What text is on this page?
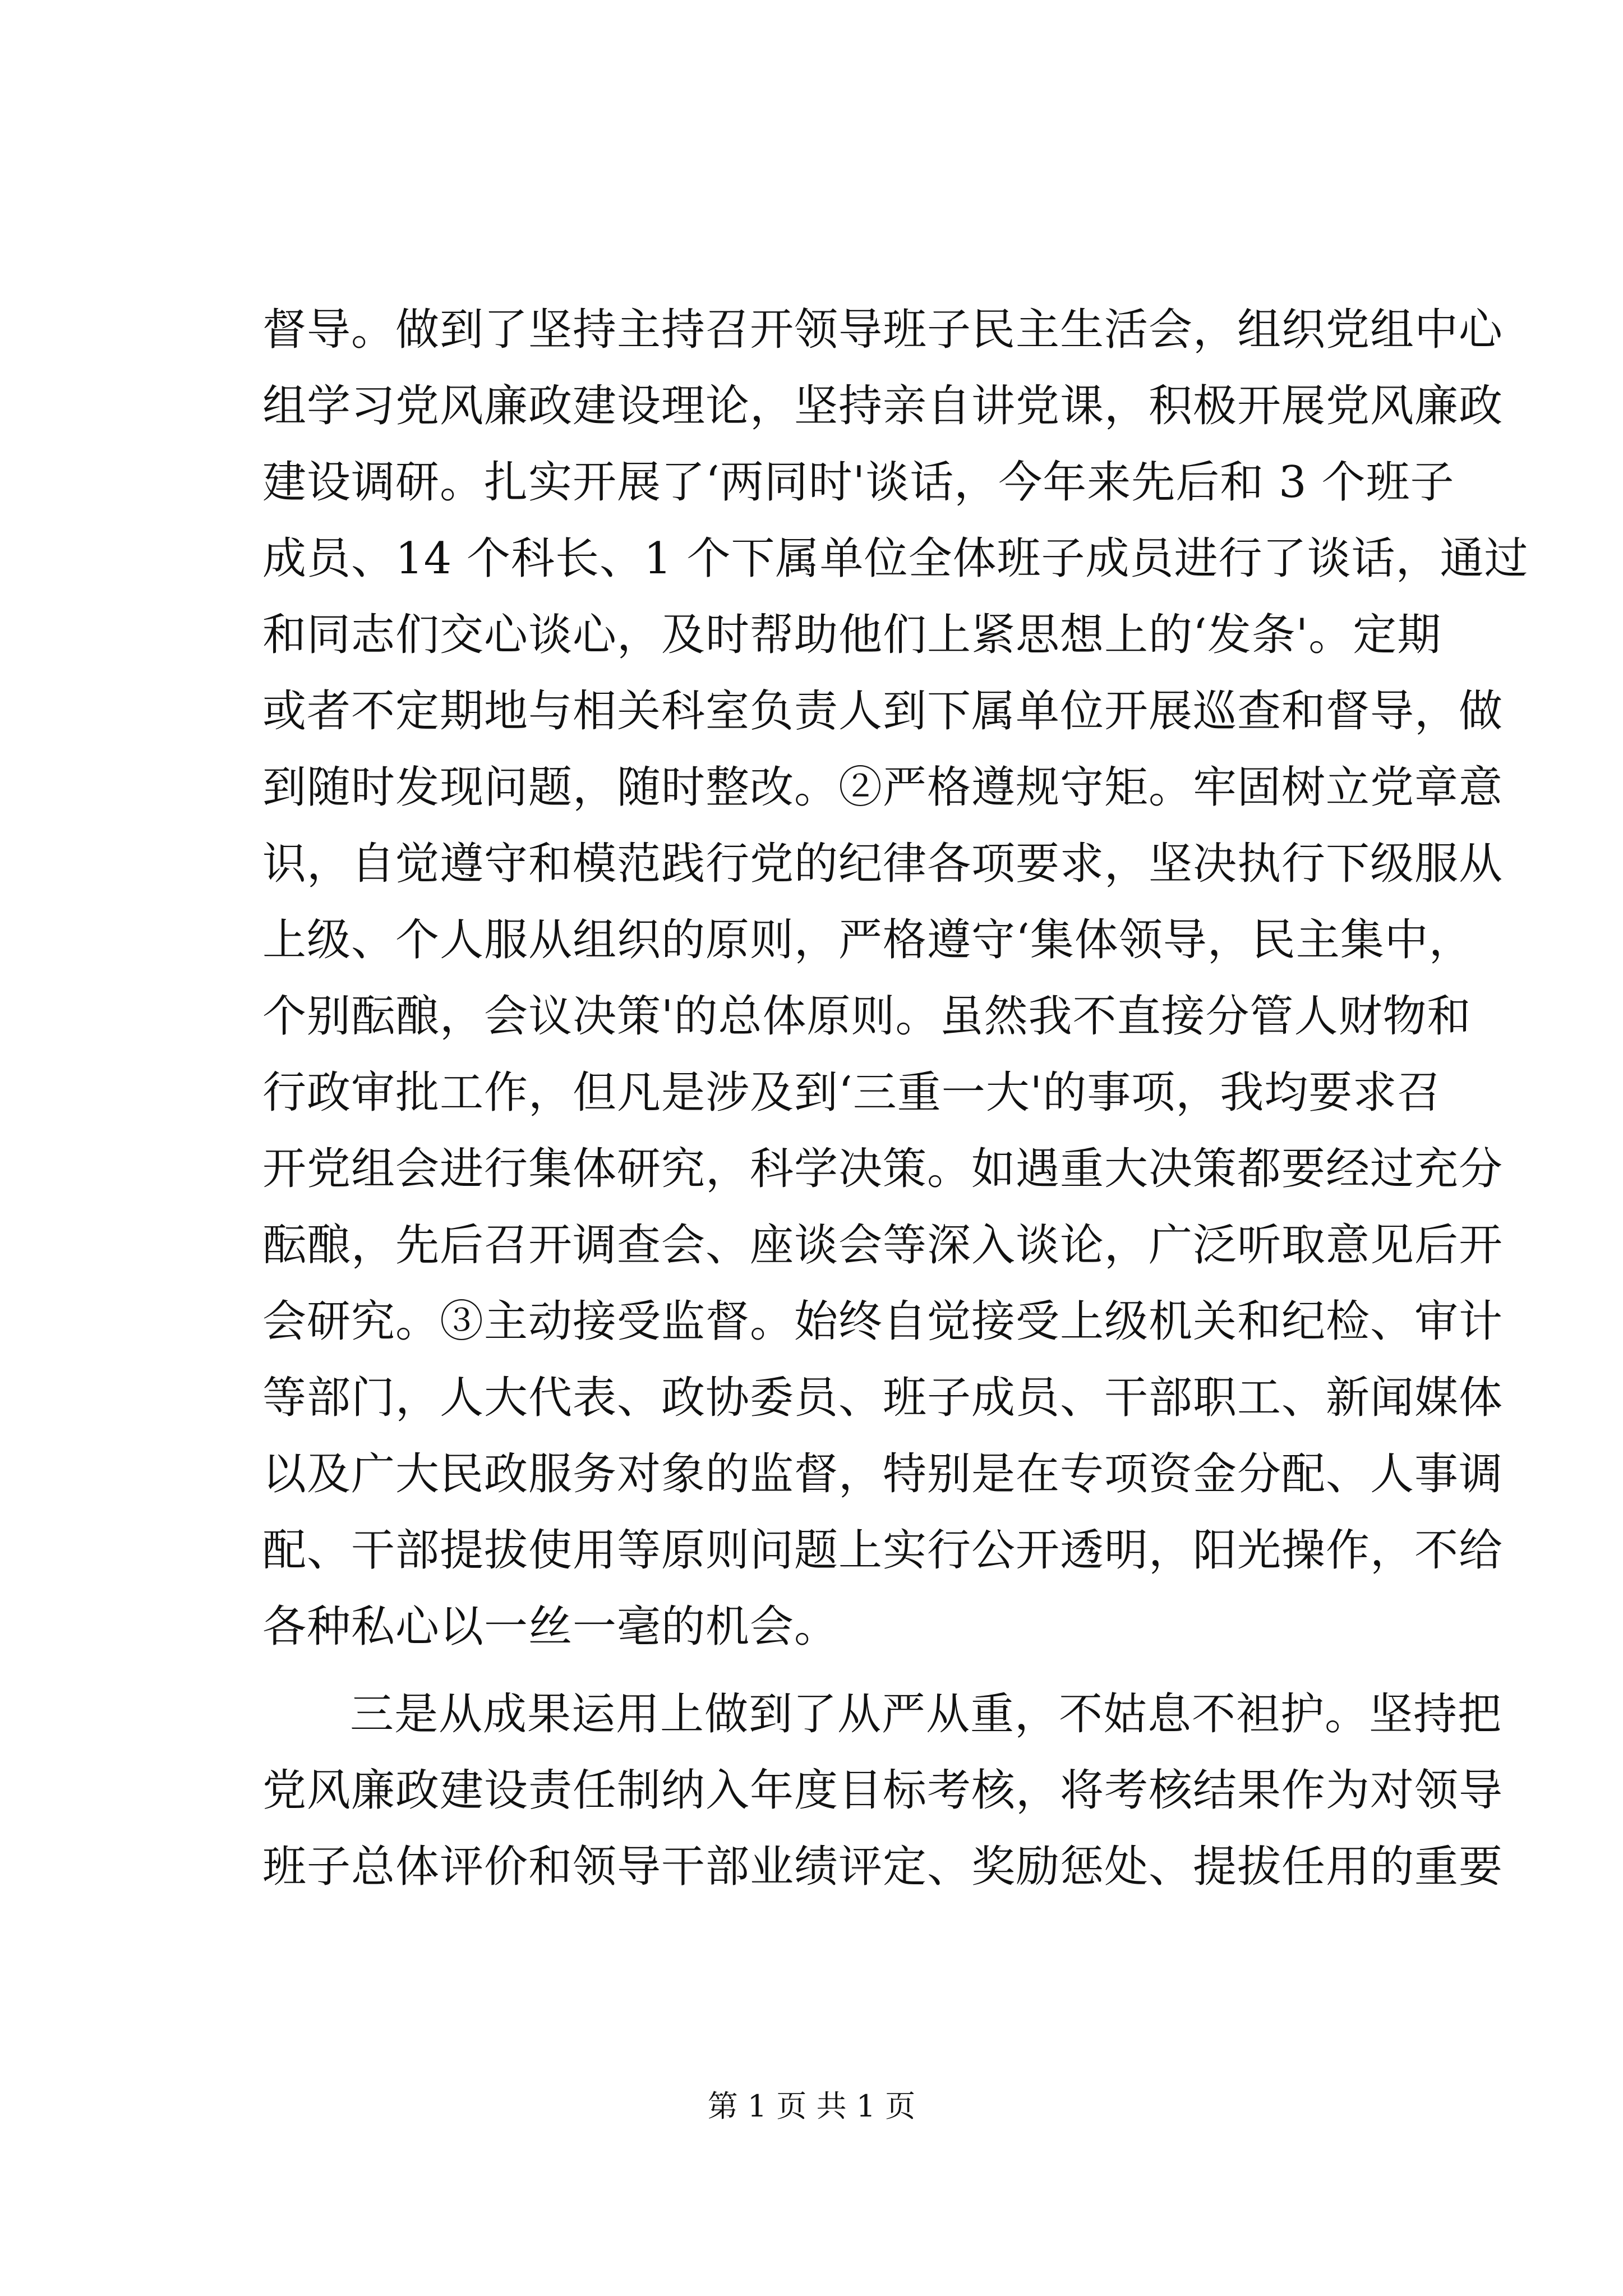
督导。做到了坚持主持召开领导班子民主生活会，组织党组中心
组学习党风廉政建设理论，坚持亲自讲党课，积极开展党风廉政
建设调研。扎实开展了‘两同时'谈话，今年来先后和 3 个班子
成员、14 个科长、1 个下属单位全体班子成员进行了谈话，通过
和同志们交心谈心，及时帮助他们上紧思想上的‘发条'。定期
或者不定期地与相关科室负责人到下属单位开展巡查和督导，做
到随时发现问题，随时整改。②严格遵规守矩。牢固树立党章意
识，自觉遵守和模范践行党的纪律各项要求，坚决执行下级服从
上级、个人服从组织的原则，严格遵守‘集体领导，民主集中，
个别酝酿，会议决策'的总体原则。虽然我不直接分管人财物和
行政审批工作，但凡是涉及到‘三重一大'的事项，我均要求召
开党组会进行集体研究，科学决策。如遇重大决策都要经过充分
酝酿，先后召开调查会、座谈会等深入谈论，广泛听取意见后开
会研究。③主动接受监督。始终自觉接受上级机关和纪检、审计
等部门，人大代表、政协委员、班子成员、干部职工、新闻媒体
以及广大民政服务对象的监督，特别是在专项资金分配、人事调
配、干部提拔使用等原则问题上实行公开透明，阳光操作，不给
各种私心以一丝一毫的机会。
三是从成果运用上做到了从严从重，不姑息不袒护。坚持把
党风廉政建设责任制纳入年度目标考核，将考核结果作为对领导
班子总体评价和领导干部业绩评定、奖励惩处、提拔任用的重要
第 1 页 共 1 页
